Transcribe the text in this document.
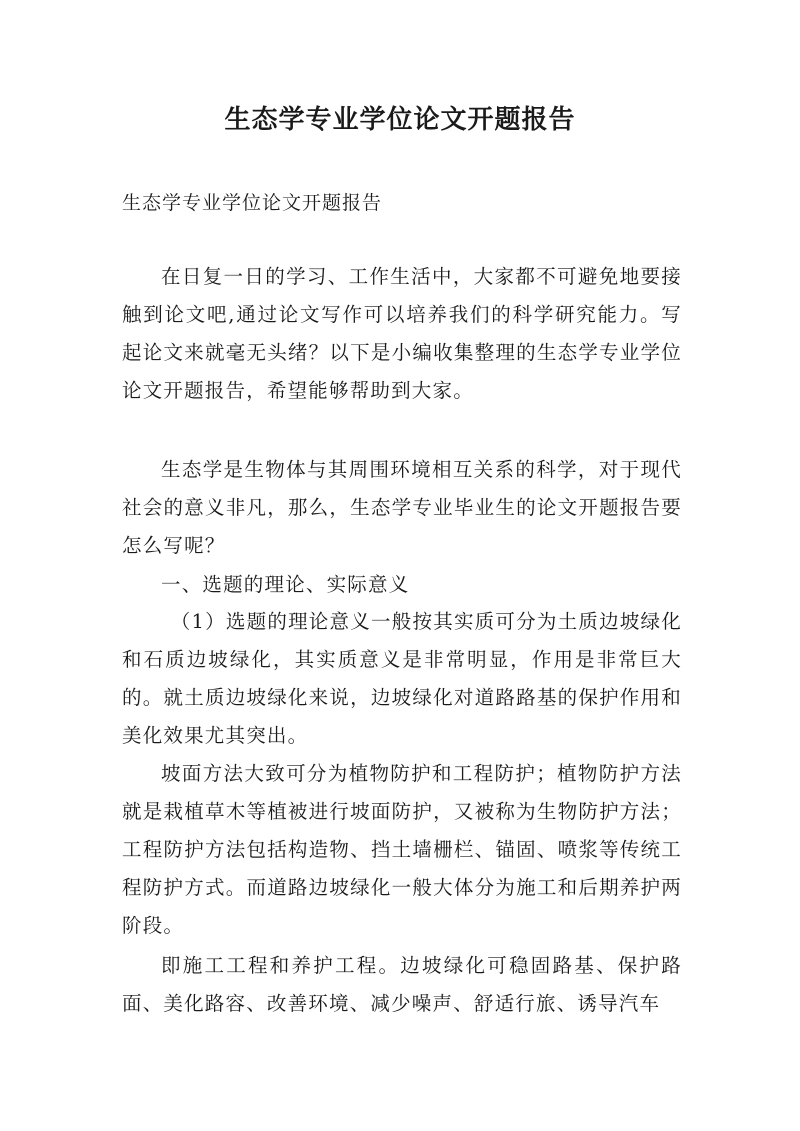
生态学专业学位论文开题报告

生态学专业学位论文开题报告

在日复一日的学习、工作生活中，大家都不可避免地要接触到论文吧,通过论文写作可以培养我们的科学研究能力。写起论文来就毫无头绪？以下是小编收集整理的生态学专业学位论文开题报告，希望能够帮助到大家。

生态学是生物体与其周围环境相互关系的科学，对于现代社会的意义非凡，那么，生态学专业毕业生的论文开题报告要怎么写呢？

一、选题的理论、实际意义

（1）选题的理论意义一般按其实质可分为土质边坡绿化和石质边坡绿化，其实质意义是非常明显，作用是非常巨大的。就土质边坡绿化来说，边坡绿化对道路路基的保护作用和美化效果尤其突出。

坡面方法大致可分为植物防护和工程防护；植物防护方法就是栽植草木等植被进行坡面防护，又被称为生物防护方法；工程防护方法包括构造物、挡土墙栅栏、锚固、喷浆等传统工程防护方式。而道路边坡绿化一般大体分为施工和后期养护两阶段。

即施工工程和养护工程。边坡绿化可稳固路基、保护路面、美化路容、改善环境、减少噪声、舒适行旅、诱导汽车
